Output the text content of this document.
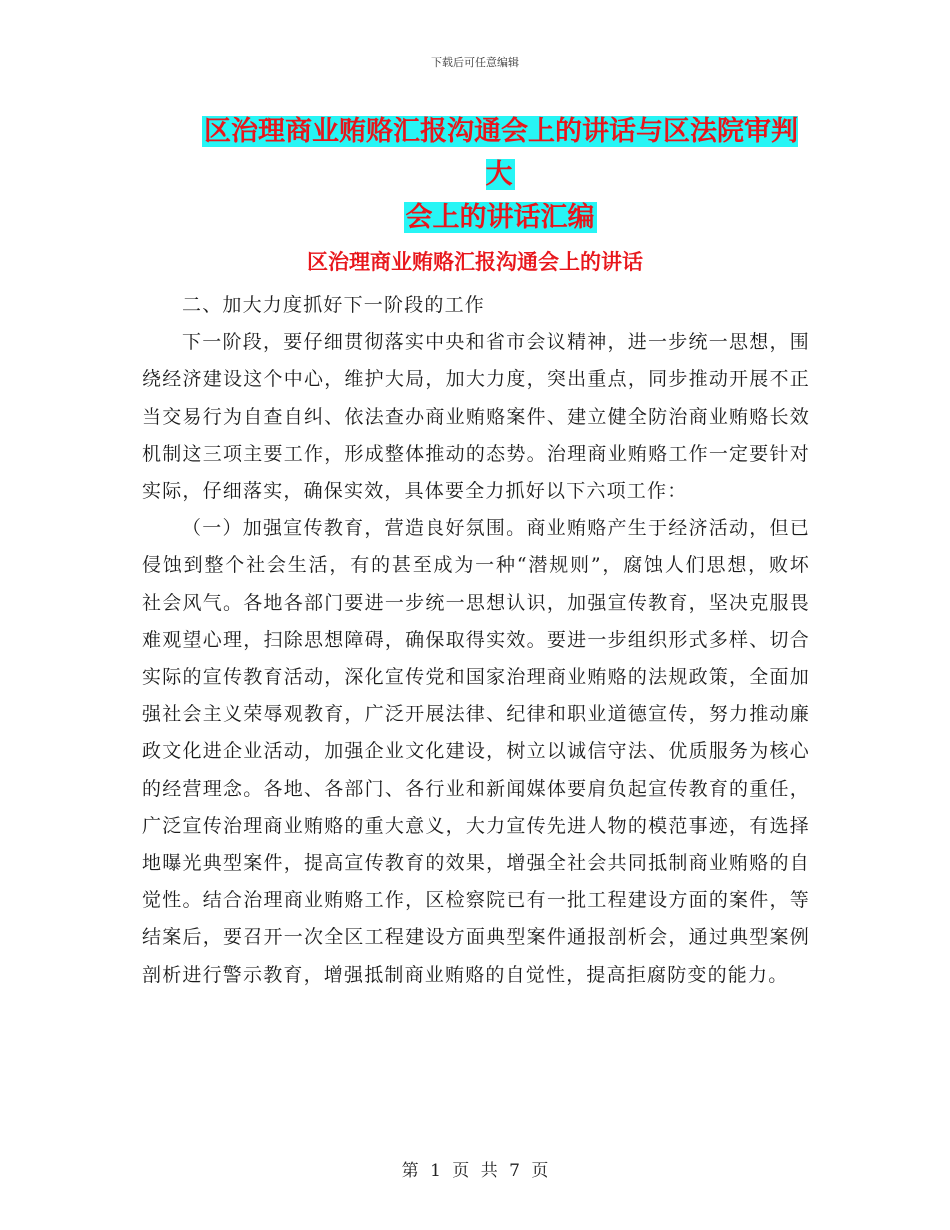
下载后可任意编辑
区治理商业贿赂汇报沟通会上的讲话与区法院审判大
会上的讲话汇编
区治理商业贿赂汇报沟通会上的讲话

二、加大力度抓好下一阶段的工作

下一阶段，要仔细贯彻落实中央和省市会议精神，进一步统一思想，围绕经济建设这个中心，维护大局，加大力度，突出重点，同步推动开展不正当交易行为自查自纠、依法查办商业贿赂案件、建立健全防治商业贿赂长效机制这三项主要工作，形成整体推动的态势。治理商业贿赂工作一定要针对实际，仔细落实，确保实效，具体要全力抓好以下六项工作：

（一）加强宣传教育，营造良好氛围。商业贿赂产生于经济活动，但已侵蚀到整个社会生活，有的甚至成为一种“潜规则”，腐蚀人们思想，败坏社会风气。各地各部门要进一步统一思想认识，加强宣传教育，坚决克服畏难观望心理，扫除思想障碍，确保取得实效。要进一步组织形式多样、切合实际的宣传教育活动，深化宣传党和国家治理商业贿赂的法规政策，全面加强社会主义荣辱观教育，广泛开展法律、纪律和职业道德宣传，努力推动廉政文化进企业活动，加强企业文化建设，树立以诚信守法、优质服务为核心的经营理念。各地、各部门、各行业和新闻媒体要肩负起宣传教育的重任，广泛宣传治理商业贿赂的重大意义，大力宣传先进人物的模范事迹，有选择地曝光典型案件，提高宣传教育的效果，增强全社会共同抵制商业贿赂的自觉性。结合治理商业贿赂工作，区检察院已有一批工程建设方面的案件，等结案后，要召开一次全区工程建设方面典型案件通报剖析会，通过典型案例剖析进行警示教育，增强抵制商业贿赂的自觉性，提高拒腐防变的能力。

第 1 页 共 7 页
